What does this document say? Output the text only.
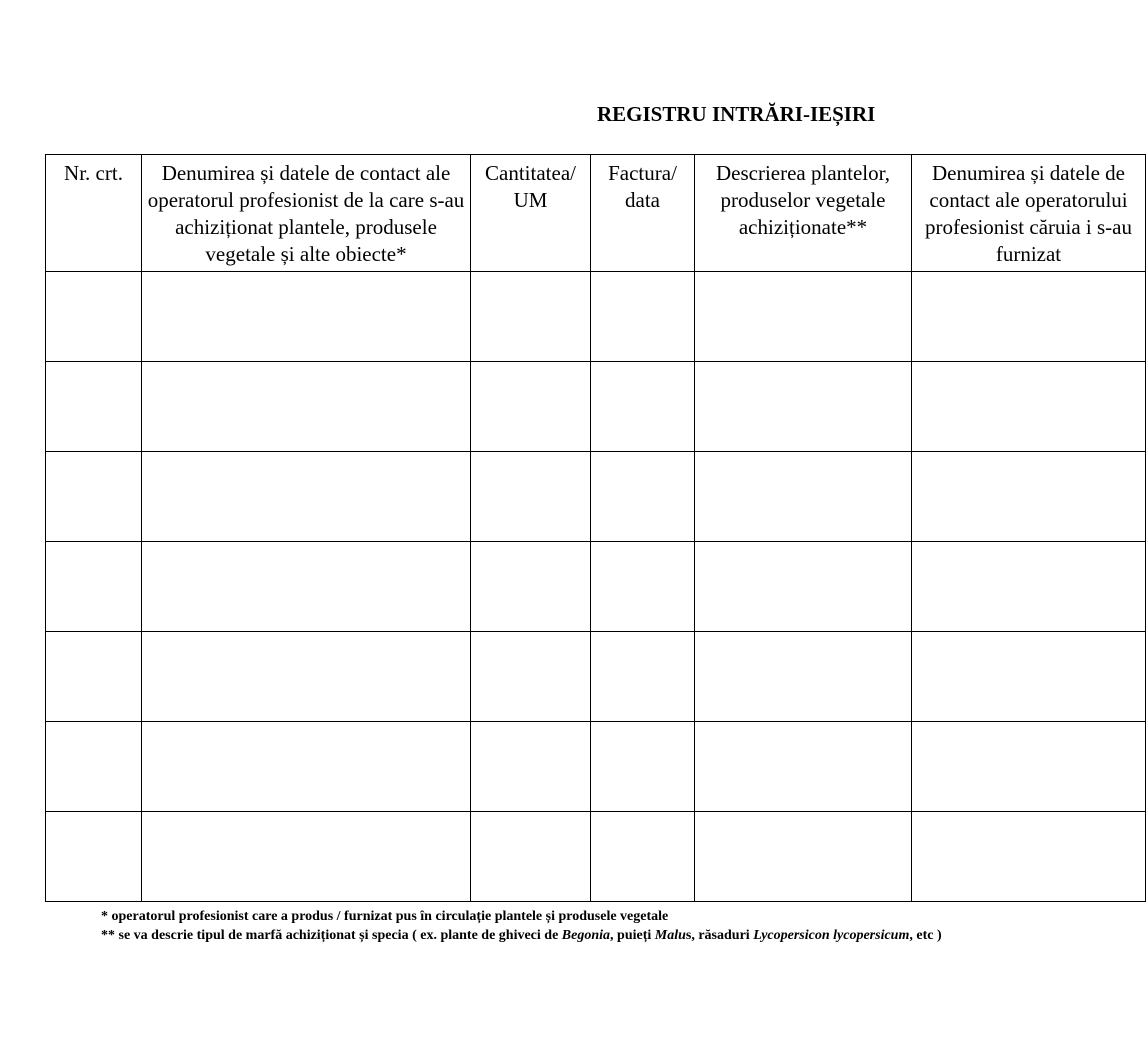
REGISTRU INTRĂRI-IEȘIRI
Nr. crt.	Denumirea și datele de contact ale operatorul profesionist de la care s-au achiziționat plantele, produsele vegetale și alte obiecte*	Cantitatea/ UM	Factura/ data	Descrierea plantelor, produselor vegetale achiziționate**	Denumirea și datele de contact ale operatorului profesionist căruia i s-au furnizat

* operatorul profesionist care a produs / furnizat pus în circulație plantele și produsele vegetale
** se va descrie tipul de marfă achiziționat și specia ( ex. plante de ghiveci de Begonia, puieți Malus, răsaduri Lycopersicon lycopersicum, etc )
